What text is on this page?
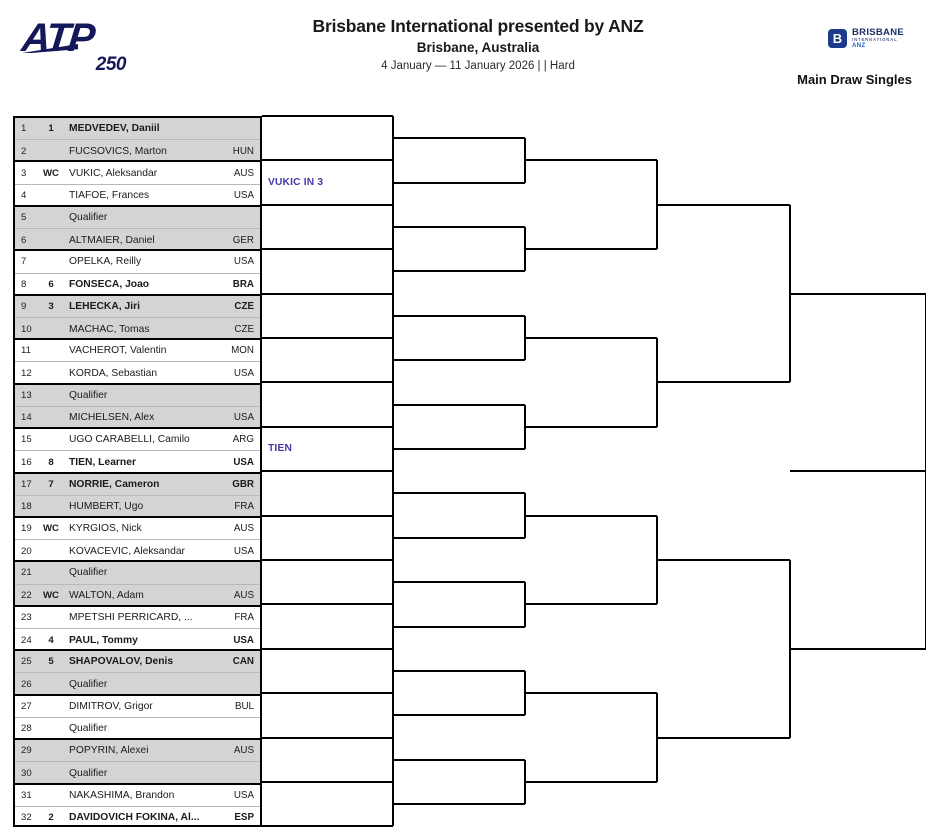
ATP
250
Brisbane International presented by ANZ
Brisbane, Australia
4 January — 11 January 2026 | | Hard
B	BRISBANE
INTERNATIONAL
ANZ
Main Draw Singles
1	1	MEDVEDEV, Daniil
2	FUCSOVICS, Marton	HUN
3	WC VUKIC, Aleksandar	AUS
4	TIAFOE, Frances	USA
5	Qualifier
6	ALTMAIER, Daniel	GER
7	OPELKA, Reilly	USA
8	6	FONSECA, Joao	BRA
9	3	LEHECKA, Jiri	CZE
10	MACHAC, Tomas	CZE
11	VACHEROT, Valentin	MON
12	KORDA, Sebastian	USA
13	Qualifier
14	MICHELSEN, Alex	USA
15	UGO CARABELLI, Camilo	ARG
16	8	TIEN, Learner	USA
17	7	NORRIE, Cameron	GBR
18	HUMBERT, Ugo	FRA
19	WC KYRGIOS, Nick	AUS
20	KOVACEVIC, Aleksandar	USA
21	Qualifier
22	WC WALTON, Adam	AUS
23	MPETSHI PERRICARD, ...	FRA
24	4	PAUL, Tommy	USA
25	5	SHAPOVALOV, Denis	CAN
26	Qualifier
27	DIMITROV, Grigor	BUL
28	Qualifier
29	POPYRIN, Alexei	AUS
30	Qualifier
31	NAKASHIMA, Brandon	USA
32	2	DAVIDOVICH FOKINA, Al...	ESP
VUKIC IN 3
TIEN
